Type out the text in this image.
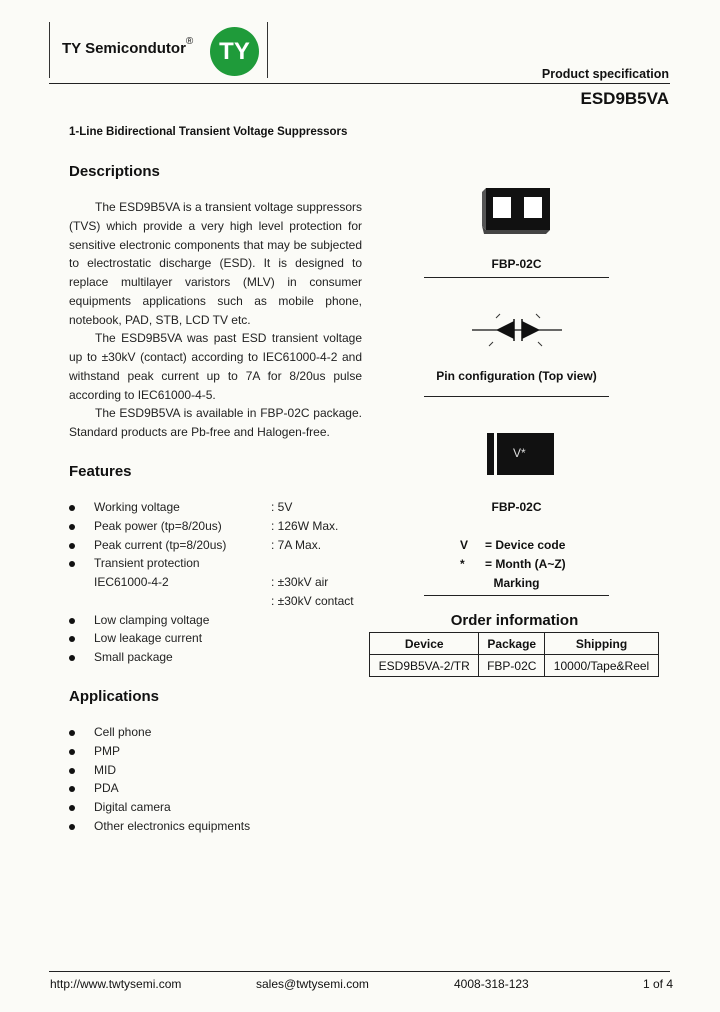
TY Semicondutor®	TY
Product specification
ESD9B5VA
1-Line Bidirectional Transient Voltage Suppressors
Descriptions

The ESD9B5VA is a transient voltage suppressors (TVS) which provide a very high level protection for sensitive electronic components that may be subjected to electrostatic discharge (ESD). It is designed to replace multilayer varistors (MLV) in consumer equipments applications such as mobile phone, notebook, PAD, STB, LCD TV etc.

The ESD9B5VA was past ESD transient voltage up to ±30kV (contact) according to IEC61000-4-2 and withstand peak current up to 7A for 8/20us pulse according to IEC61000-4-5.

The ESD9B5VA is available in FBP-02C package. Standard products are Pb-free and Halogen-free.

Features
Working voltage	: 5V
Peak power (tp=8/20us)	: 126W Max.
Peak current (tp=8/20us)	: 7A Max.
Transient protection
IEC61000-4-2	: ±30kV air
: ±30kV contact
Low clamping voltage
Low leakage current
Small package
Applications
Cell phone
PMP
MID
PDA
Digital camera
Other electronics equipments
FBP-02C
Pin configuration (Top view)
V*
FBP-02C
V = Device code
* = Month (A~Z)
Marking
Order information
Device	Package	Shipping
ESD9B5VA-2/TR	FBP-02C	10000/Tape&Reel
http://www.twtysemi.com	sales@twtysemi.com	4008-318-123	1 of 4
